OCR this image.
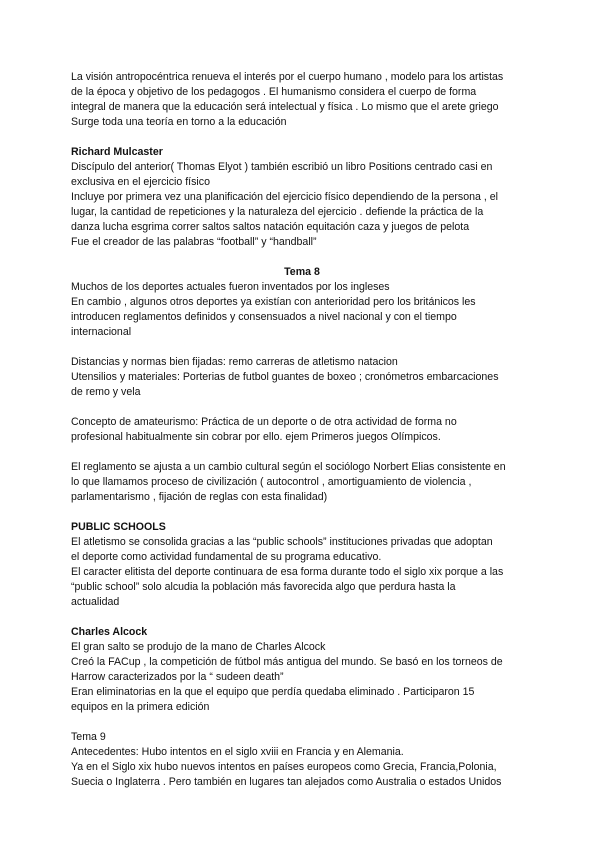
La visión antropocéntrica renueva el interés por el cuerpo humano , modelo para los artistas

de la época y objetivo de los pedagogos . El humanismo considera el cuerpo de forma

integral de manera que la educación será intelectual y física . Lo mismo que el arete griego

Surge toda una teoría en torno a la educación

Richard Mulcaster

Discípulo del anterior( Thomas Elyot ) también escribió un libro Positions centrado casi en

exclusiva en el ejercicio físico

Incluye por primera vez una planificación del ejercicio físico dependiendo de la persona , el

lugar, la cantidad de repeticiones y la naturaleza del ejercicio . defiende la práctica de la

danza lucha esgrima correr saltos saltos natación equitación caza y juegos de pelota

Fue el creador de las palabras “football” y “handball”

Tema 8

Muchos de los deportes actuales fueron inventados por los ingleses

En cambio , algunos otros deportes ya existían con anterioridad pero los británicos les

introducen reglamentos definidos y consensuados a nivel nacional y con el tiempo

internacional

Distancias y normas bien fijadas: remo carreras de atletismo natacion

Utensilios y materiales: Porterias de futbol guantes de boxeo ; cronómetros embarcaciones

de remo y vela

Concepto de amateurismo: Práctica de un deporte o de otra actividad de forma no

profesional habitualmente sin cobrar por ello. ejem Primeros juegos Olímpicos.

El reglamento se ajusta a un cambio cultural según el sociólogo Norbert Elias consistente en

lo que llamamos proceso de civilización ( autocontrol , amortiguamiento de violencia ,

parlamentarismo , fijación de reglas con esta finalidad)

PUBLIC SCHOOLS

El atletismo se consolida gracias a las “public schools” instituciones privadas que adoptan

el deporte como actividad fundamental de su programa educativo.

El caracter elitista del deporte continuara de esa forma durante todo el siglo xix porque a las

“public school” solo alcudia la población más favorecida algo que perdura hasta la

actualidad

Charles Alcock

El gran salto se produjo de la mano de Charles Alcock

Creó la FACup , la competición de fútbol más antigua del mundo. Se basó en los torneos de

Harrow caracterizados por la “ sudeen death”

Eran eliminatorias en la que el equipo que perdía quedaba eliminado . Participaron 15

equipos en la primera edición

Tema 9

Antecedentes: Hubo intentos en el siglo xviii en Francia y en Alemania.

Ya en el Siglo xix hubo nuevos intentos en países europeos como Grecia, Francia,Polonia,

Suecia o Inglaterra . Pero también en lugares tan alejados como Australia o estados Unidos
